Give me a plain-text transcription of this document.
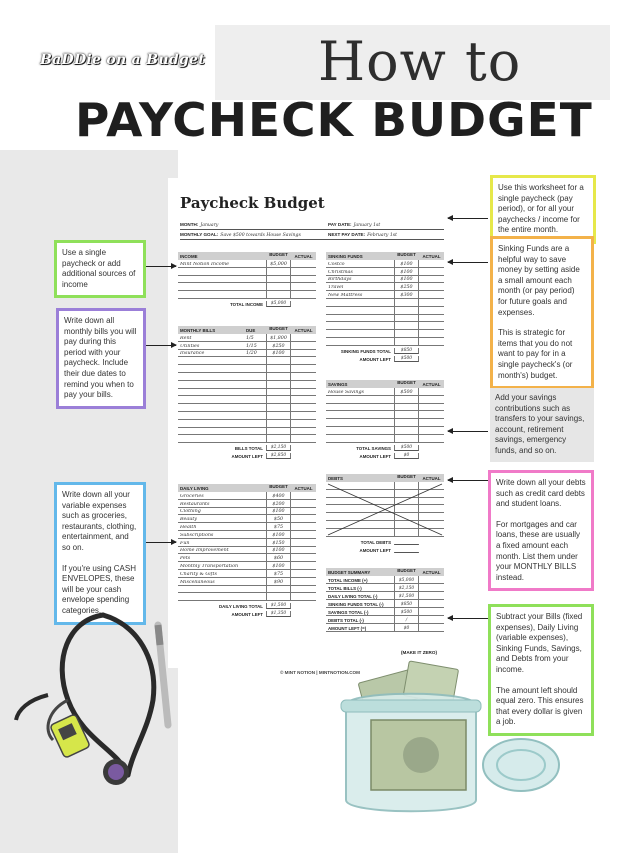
BaDDie on a Budget How to
PAYCHECK BUDGET
Paycheck Budget
MONTH: January
MONTHLY GOAL: Save $500 towards House Savings
PAY DATE: January 1st
NEXT PAY DATE: February 1st
INCOME	BUDGET	ACTUAL
Mint Notion Income	$5,000
TOTAL INCOME	$5,000
MONTHLY BILLS	DUE	BUDGET	ACTUAL
Rent	1/5	$1,800
Utilities	1/15	$250
Insurance	1/20	$100
BILLS TOTAL	$2,150
AMOUNT LEFT	$2,850
DAILY LIVING	BUDGET	ACTUAL
Groceries	$400
Restaurants	$200
Clothing	$100
Beauty	$50
Health	$75
Subscriptions	$100
Fun	$150
Home Improvement	$100
Pets	$60
Monthly Transportation	$100
Charity & Gifts	$75
Miscellaneous	$90
DAILY LIVING TOTAL	$1,500
AMOUNT LEFT	$1,350
SINKING FUNDS	BUDGET	ACTUAL
Costco	$100
Christmas	$100
Birthdays	$100
Travel	$250
New Mattress	$300
SINKING FUNDS TOTAL	$850
AMOUNT LEFT	$500
SAVINGS	BUDGET	ACTUAL
House Savings	$500
TOTAL SAVINGS	$500
AMOUNT LEFT	$0
DEBTS	BUDGET	ACTUAL
TOTAL DEBTS
AMOUNT LEFT
BUDGET SUMMARY	BUDGET	ACTUAL
TOTAL INCOME (+)	$5,000
TOTAL BILLS (-)	$2,150
DAILY LIVING TOTAL (-)	$1,500
SINKING FUNDS TOTAL (-)	$850
SAVINGS TOTAL (-)	$500
DEBTS TOTAL (-)	/
AMOUNT LEFT (=)	$0
(MAKE IT ZERO)
© MINT NOTION | MINTNOTION.COM

Use this worksheet for a single paycheck (pay period), or for all your paychecks / income for the entire month.

Use a single paycheck or add additional sources of income

Sinking Funds are a helpful way to save money by setting aside a small amount each month (or pay period) for future goals and expenses.

This is strategic for items that you do not want to pay for in a single paycheck's (or month's) budget.

Write down all monthly bills you will pay during this period with your paycheck. Include their due dates to remind you when to pay your bills.	Add your savings contributions such as transfers to your savings, account, retirement savings, emergency funds, and so on.

Write down all your debts such as credit card debts and student loans.

For mortgages and car loans, these are usually a fixed amount each month. List them under your MONTHLY BILLS instead.

Write down all your variable expenses such as groceries, restaurants, clothing, entertainment, and so on.

If you're using CASH ENVELOPES, these will be your cash envelope spending categories.

Subtract your Bills (fixed expenses), Daily Living (variable expenses), Sinking Funds, Savings, and Debts from your income.

The amount left should equal zero. This ensures that every dollar is given a job.
